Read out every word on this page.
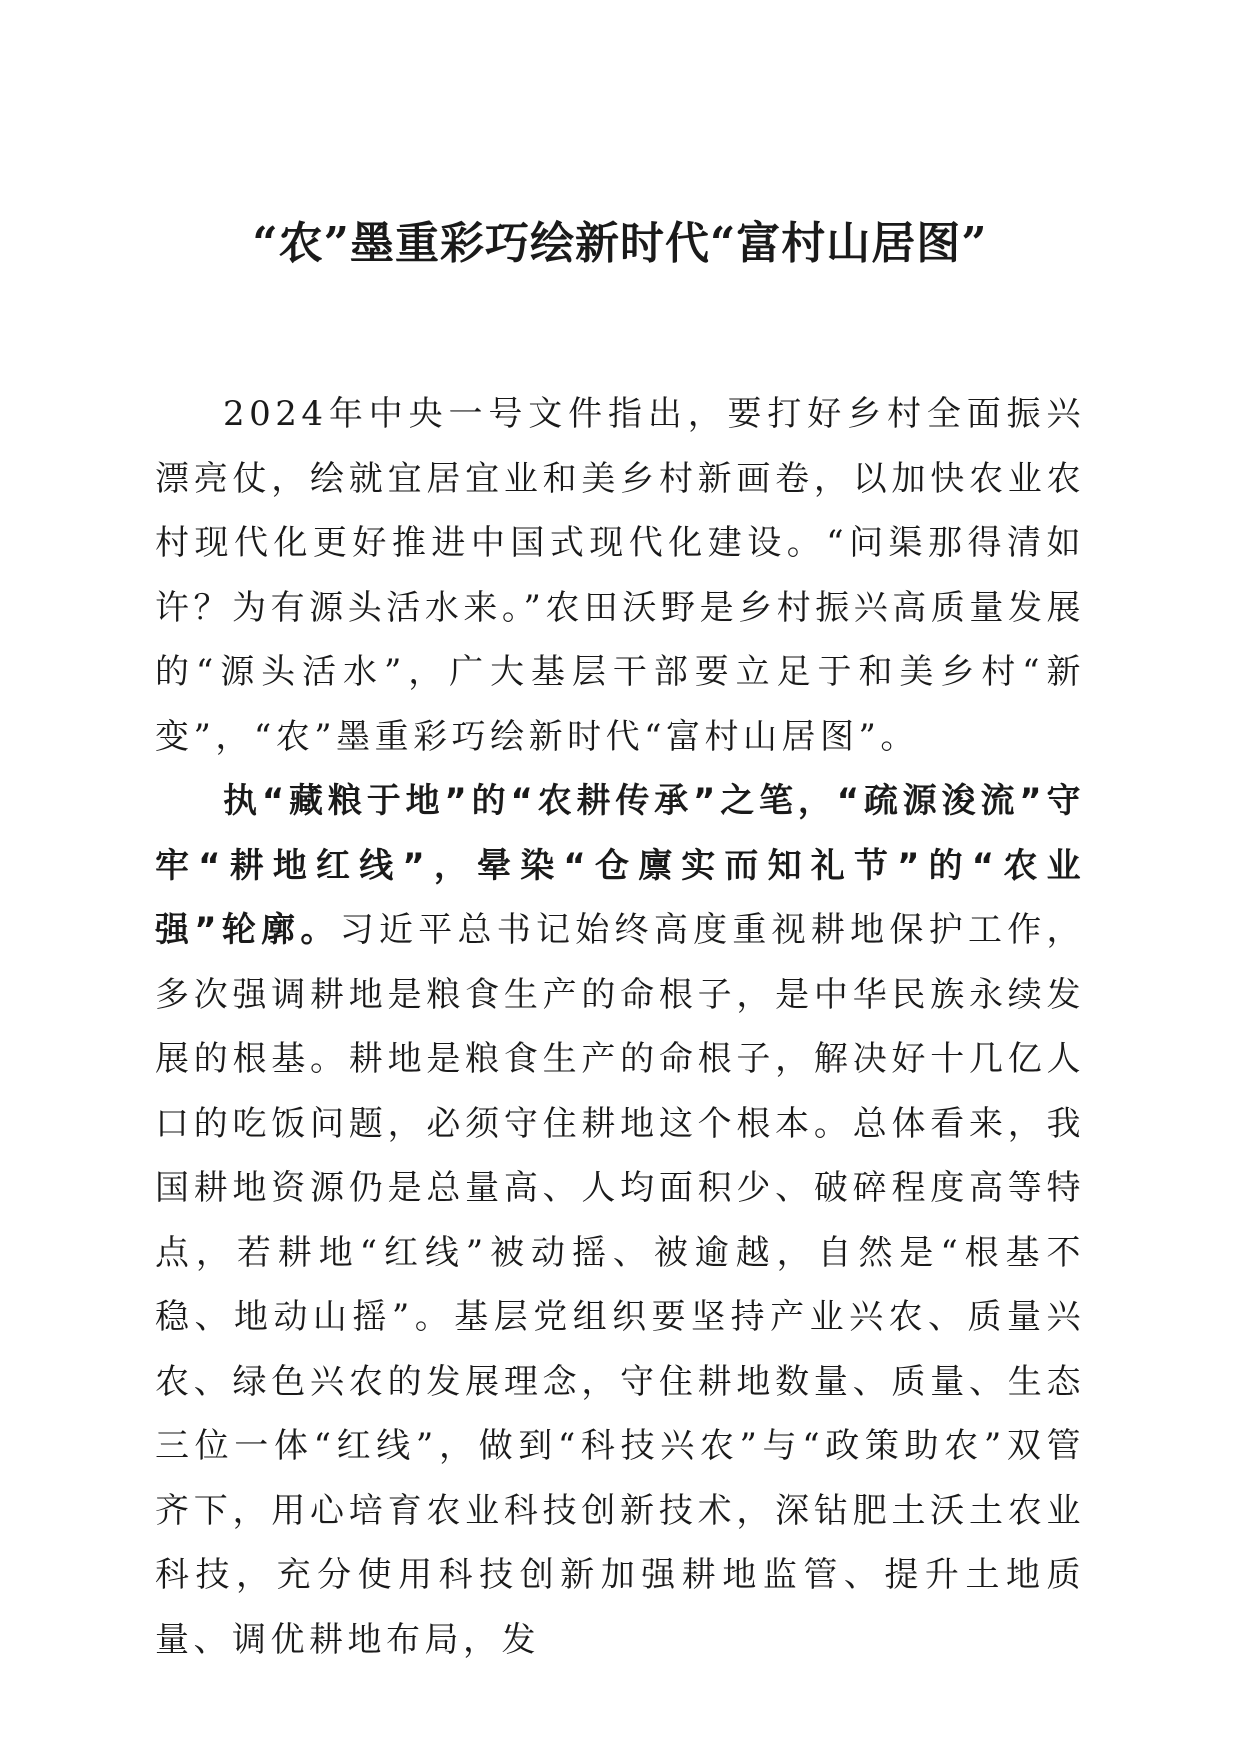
“农”墨重彩巧绘新时代“富村山居图”

2024年中央一号文件指出，要打好乡村全面振兴漂亮仗，绘就宜居宜业和美乡村新画卷，以加快农业农村现代化更好推进中国式现代化建设。“问渠那得清如许？为有源头活水来。”农田沃野是乡村振兴高质量发展的“源头活水”，广大基层干部要立足于和美乡村“新变”，“农”墨重彩巧绘新时代“富村山居图”。

执“藏粮于地”的“农耕传承”之笔，“疏源浚流”守牢“耕地红线”，晕染“仓廪实而知礼节”的“农业强”轮廓。习近平总书记始终高度重视耕地保护工作，多次强调耕地是粮食生产的命根子，是中华民族永续发展的根基。耕地是粮食生产的命根子，解决好十几亿人口的吃饭问题，必须守住耕地这个根本。总体看来，我国耕地资源仍是总量高、人均面积少、破碎程度高等特点，若耕地“红线”被动摇、被逾越，自然是“根基不稳、地动山摇”。基层党组织要坚持产业兴农、质量兴农、绿色兴农的发展理念，守住耕地数量、质量、生态三位一体“红线”，做到“科技兴农”与“政策助农”双管齐下，用心培育农业科技创新技术，深钻肥土沃土农业科技，充分使用科技创新加强耕地监管、提升土地质量、调优耕地布局，发
